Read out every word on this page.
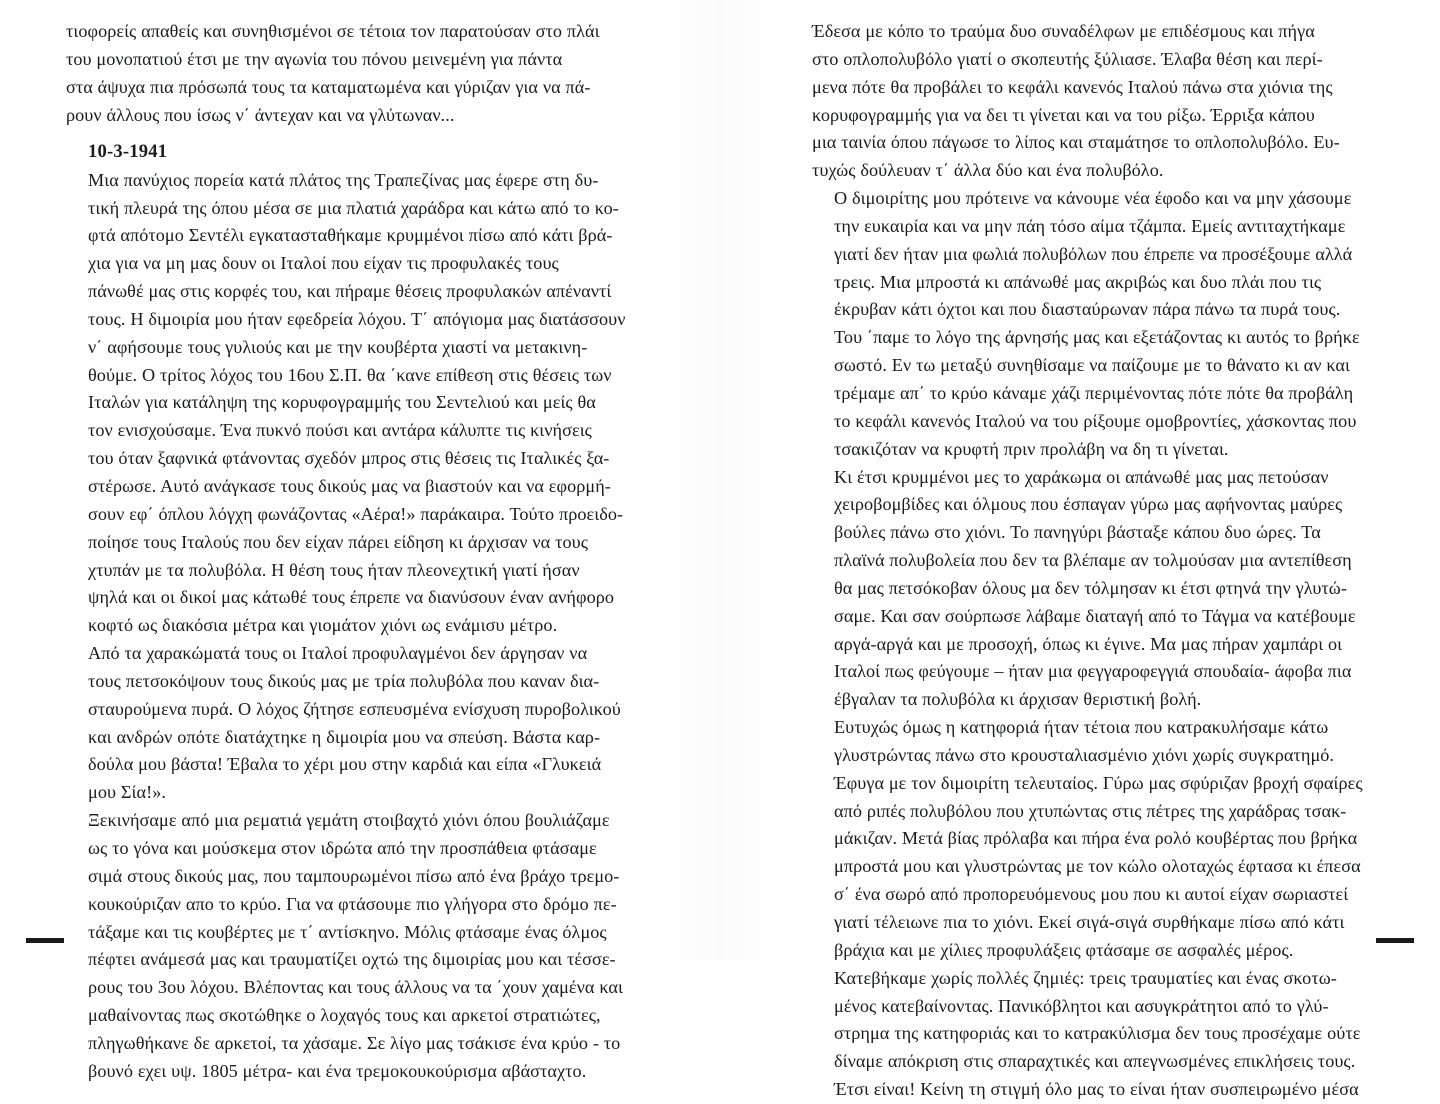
τιοφορείς απαθείς και συνηθισμένοι σε τέτοια τον παρατούσαν στο πλάι
του μονοπατιού έτσι με την αγωνία του πόνου μεινεμένη για πάντα
στα άψυχα πια πρόσωπά τους τα καταματωμένα και γύριζαν για να πά-
ρουν άλλους που ίσως ν΄ άντεχαν και να γλύτωναν...

10-3-1941

Μια πανύχιος πορεία κατά πλάτος της Τραπεζίνας μας έφερε στη δυ-
τική πλευρά της όπου μέσα σε μια πλατιά χαράδρα και κάτω από το κο-
φτά απότομο Σεντέλι εγκατασταθήκαμε κρυμμένοι πίσω από κάτι βρά-
χια για να μη μας δουν οι Ιταλοί που είχαν τις προφυλακές τους
πάνωθέ μας στις κορφές του, και πήραμε θέσεις προφυλακών απέναντί
τους. Η διμοιρία μου ήταν εφεδρεία λόχου. Τ΄ απόγιομα μας διατάσσουν
ν΄ αφήσουμε τους γυλιούς και με την κουβέρτα χιαστί να μετακινη-
θούμε. Ο τρίτος λόχος του 16ου Σ.Π. θα ΄κανε επίθεση στις θέσεις των
Ιταλών για κατάληψη της κορυφογραμμής του Σεντελιού και μείς θα
τον ενισχούσαμε. Ένα πυκνό πούσι και αντάρα κάλυπτε τις κινήσεις
του όταν ξαφνικά φτάνοντας σχεδόν μπρος στις θέσεις τις Ιταλικές ξα-
στέρωσε. Αυτό ανάγκασε τους δικούς μας να βιαστούν και να εφορμή-
σουν εφ΄ όπλου λόγχη φωνάζοντας «Αέρα!» παράκαιρα. Τούτο προειδο-
ποίησε τους Ιταλούς που δεν είχαν πάρει είδηση κι άρχισαν να τους
χτυπάν με τα πολυβόλα. Η θέση τους ήταν πλεονεχτική γιατί ήσαν
ψηλά και οι δικοί μας κάτωθέ τους έπρεπε να διανύσουν έναν ανήφορο
κοφτό ως διακόσια μέτρα και γιομάτον χιόνι ως ενάμισυ μέτρο.

Από τα χαρακώματά τους οι Ιταλοί προφυλαγμένοι δεν άργησαν να
τους πετσοκόψουν τους δικούς μας με τρία πολυβόλα που καναν δια-
σταυρούμενα πυρά. Ο λόχος ζήτησε εσπευσμένα ενίσχυση πυροβολικού
και ανδρών οπότε διατάχτηκε η διμοιρία μου να σπεύση. Βάστα καρ-
δούλα μου βάστα! Έβαλα το χέρι μου στην καρδιά και είπα «Γλυκειά
μου Σία!».

Ξεκινήσαμε από μια ρεματιά γεμάτη στοιβαχτό χιόνι όπου βουλιάζαμε
ως το γόνα και μούσκεμα στον ιδρώτα από την προσπάθεια φτάσαμε
σιμά στους δικούς μας, που ταμπουρωμένοι πίσω από ένα βράχο τρεμο-
κουκούριζαν απο το κρύο. Για να φτάσουμε πιο γλήγορα στο δρόμο πε-
τάξαμε και τις κουβέρτες με τ΄ αντίσκηνο. Μόλις φτάσαμε ένας όλμος
πέφτει ανάμεσά μας και τραυματίζει οχτώ της διμοιρίας μου και τέσσε-
ρους του 3ου λόχου. Βλέποντας και τους άλλους να τα ΄χουν χαμένα και
μαθαίνοντας πως σκοτώθηκε ο λοχαγός τους και αρκετοί στρατιώτες,
πληγωθήκανε δε αρκετοί, τα χάσαμε. Σε λίγο μας τσάκισε ένα κρύο - το
βουνό εχει υψ. 1805 μέτρα- και ένα τρεμοκουκούρισμα αβάσταχτο.

Έδεσα με κόπο το τραύμα δυο συναδέλφων με επιδέσμους και πήγα
στο οπλοπολυβόλο γιατί ο σκοπευτής ξύλιασε. Έλαβα θέση και περί-
μενα πότε θα προβάλει το κεφάλι κανενός Ιταλού πάνω στα χιόνια της
κορυφογραμμής για να δει τι γίνεται και να του ρίξω. Έρριξα κάπου
μια ταινία όπου πάγωσε το λίπος και σταμάτησε το οπλοπολυβόλο. Ευ-
τυχώς δούλευαν τ΄ άλλα δύο και ένα πολυβόλο.

Ο διμοιρίτης μου πρότεινε να κάνουμε νέα έφοδο και να μην χάσουμε
την ευκαιρία και να μην πάη τόσο αίμα τζάμπα. Εμείς αντιταχτήκαμε
γιατί δεν ήταν μια φωλιά πολυβόλων που έπρεπε να προσέξουμε αλλά
τρεις. Μια μπροστά κι απάνωθέ μας ακριβώς και δυο πλάι που τις
έκρυβαν κάτι όχτοι και που διασταύρωναν πάρα πάνω τα πυρά τους.
Του ΄παμε το λόγο της άρνησής μας και εξετάζοντας κι αυτός το βρήκε
σωστό. Εν τω μεταξύ συνηθίσαμε να παίζουμε με το θάνατο κι αν και
τρέμαμε απ΄ το κρύο κάναμε χάζι περιμένοντας πότε πότε θα προβάλη
το κεφάλι κανενός Ιταλού να του ρίξουμε ομοβροντίες, χάσκοντας που
τσακιζόταν να κρυφτή πριν προλάβη να δη τι γίνεται.

Κι έτσι κρυμμένοι μες το χαράκωμα οι απάνωθέ μας μας πετούσαν
χειροβομβίδες και όλμους που έσπαγαν γύρω μας αφήνοντας μαύρες
βούλες πάνω στο χιόνι. Το πανηγύρι βάσταξε κάπου δυο ώρες. Τα
πλαϊνά πολυβολεία που δεν τα βλέπαμε αν τολμούσαν μια αντεπίθεση
θα μας πετσόκοβαν όλους μα δεν τόλμησαν κι έτσι φτηνά την γλυτώ-
σαμε. Και σαν σούρπωσε λάβαμε διαταγή από το Τάγμα να κατέβουμε
αργά-αργά και με προσοχή, όπως κι έγινε. Μα μας πήραν χαμπάρι οι
Ιταλοί πως φεύγουμε – ήταν μια φεγγαροφεγγιά σπουδαία- άφοβα πια
έβγαλαν τα πολυβόλα κι άρχισαν θεριστική βολή.

Ευτυχώς όμως η κατηφοριά ήταν τέτοια που κατρακυλήσαμε κάτω
γλυστρώντας πάνω στο κρουσταλιασμένιο χιόνι χωρίς συγκρατημό.
Έφυγα με τον διμοιρίτη τελευταίος. Γύρω μας σφύριζαν βροχή σφαίρες
από ριπές πολυβόλου που χτυπώντας στις πέτρες της χαράδρας τσακ-
μάκιζαν. Μετά βίας πρόλαβα και πήρα ένα ρολό κουβέρτας που βρήκα
μπροστά μου και γλυστρώντας με τον κώλο ολοταχώς έφτασα κι έπεσα
σ΄ ένα σωρό από προπορευόμενους μου που κι αυτοί είχαν σωριαστεί
γιατί τέλειωνε πια το χιόνι. Εκεί σιγά-σιγά συρθήκαμε πίσω από κάτι
βράχια και με χίλιες προφυλάξεις φτάσαμε σε ασφαλές μέρος.

Κατεβήκαμε χωρίς πολλές ζημιές: τρεις τραυματίες και ένας σκοτω-
μένος κατεβαίνοντας. Πανικόβλητοι και ασυγκράτητοι από το γλύ-
στρημα της κατηφοριάς και το κατρακύλισμα δεν τους προσέχαμε ούτε
δίναμε απόκριση στις σπαραχτικές και απεγνωσμένες επικλήσεις τους.
Έτσι είναι! Κείνη τη στιγμή όλο μας το είναι ήταν συσπειρωμένο μέσα
